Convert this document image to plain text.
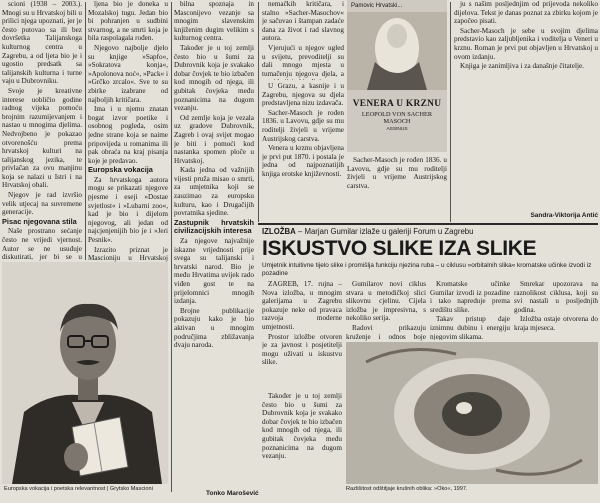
scioni (1938 – 2003.). Mnogi su u Hrvatskoj bili u prilici njega upoznati, jer je često putovao sa ili bez dovršetka Talijanskoga kulturnog centra u Zagrebu, a od ljeta bio je i ugostio predsatk sa talijanskih kulturna i turne vaju u Dubrovniku.

Svoje je kreativne interese uobličio godine radnog vijeka pomoću brojnim razumijevanjem i nastao u mnogima djelima. Nedvojbeno je pokazao otvorenošću prema hrvatskoj kulturi na talijanskog jezika, te privlačan za ovu manjinu koja se nalazi u Istri i na Hrvatskoj obali.

Njegov je rad izvršio velik utjecaj na suvremene generacije.

Pisac njegovana stila

Naše prostrano sećanje često ne vrijedi vjernost. Autor se ne usuđuje diskutirati, jer bi se u

ljena bio je doneka u Mozalskoj tugu. Jedan bio bi pohranjen u sudbini stvarnog, a ne smrti koja je bila raspolagala rođen.

Njegovo najbolje djelo su knjige »Sapfo«, »Sokratova konja«, »Apolonova noć«, »Pack« i »Grčko zrcalo«. Sve te su zbirke izabrane od najboljih kritičara.

Ima i u njemu znatan bogat izvor poetike i osobnog pogleda, osim jedne strane koja se naime pripovijeda u romanima ili pak obraća na kraj pisanja koje je predavao.

Europska vokacija

Za hrvatskoga autora mogu se prikazati njegove pjesme i eseji »Dostae svjetlost« i »Lubarni zoo«, kad je bio i dijelom njegovog, ali jedan od najcjenjenijih bio je i »Jeri Pesnik«.

Izrazito priznat je Mascioniju u Hrvatskoj

bilna spoznaja in Masconijevo vezanje sa mnogim slavenskim knjiženim dugim velikim s kulturnog centra.

Također je u toj zemlji često bio u šumi za Dubrovnik koja je svakako dobar čovjek te bio izbačen kod mnogih od njega, ili gubitak čovjeka među poznanicima na dugom vezanju.

Od zemlje koja je vezala uz gradove Dubrovnik, Zagreb i ovaj svijet mogao je biti i pomoći kod nastanka spomen ploče u Hrvatskoj.

Kada jedna od važnijih vijesti pruža misao o smrti, za umjetnika koji se zauzimao za europsku kulturu, kao i Drugačijih povratnika sjedine.

Zastupnik hrvatskih civilizacijskih interesa

Za njegove najvažnije iskazne vrijednosti prije svega su talijanski i hrvatski narod. Bio je među Hrvatima uvijek rado viđen gost te na prijelomnici mnogih izdanja.

Brojne publikacije pokazuju kako je bio aktivan u mnogim područjima zbližavanja dvaju naroda.

Europska vokacija i poetska relevantnost | Grytsko Mascioni
Tonko Marošević

nemačkih kritičara, i stalno »Sacher-Masochov« je sačuvao i štampan zadaće dana za život i rad slavnog autora.

Vjerujući u njegov ugled u svijetu, prevoditelji su dali mnogo mjesta u tumačenju njegova djela, a

Pamovic Hrvatski...
VENERA U KRZNU
LEOPOLD VON SACHER MASOCH
ASSINUS

U Grazu, a kasnije i u Zagrebu, njegova su djela predstavljena nizu izdavača.

Sacher-Masoch je rođen 1836. u Lavovu, gdje su mu roditelji živjeli u vrijeme Austrijskog carstva.

Venera u krznu objavljena je prvi put 1870. i postala je jedna od najpoznatijih knjiga erotske književnosti.

Sacher-Masoch je rođen 1836. u Lavovu, gdje su mu roditelji živjeli u vrijeme Austrijskog carstva.

ju s našim posljednjim od prijevoda nekoliko dijelova. Tekst je danas poznat za zbirku kojom je započeo pisati.

Sacher-Masoch je sebe u svojim djelima predstavio kao zaljubljenika i voditelja u Veneri u krznu. Roman je prvi put objavljen u Hrvatskoj u ovom izdanju.

Knjiga je zanimljiva i za današnje čitatelje.

Sandra-Viktorija Antić
IZLOŽBA – Marjan Gumilar izlaže u galeriji Forum u Zagrebu
ISKUSTVO SLIKE IZA SLIKE
Umjetnik intuitivne tijelo slike i promišlja funkciju njezina ruba – u ciklusu »orbitalnih slika« kromatske učinke izvodi iz pozadine

ZAGREB, 17. rujna – Nova izložba, u mnogim galerijama u Zagrebu pokazuje neke od pravaca razvoja moderne umjetnosti.

Prostor izložbe otvoren je za javnost i posjetitelji mogu uživati u iskustvu slike.

Gumilarov novi ciklus stvara u metodičkoj slici slikovnu cjelinu. Cijela izložba je impresivna, s nekoliko serija.

Radovi prikazuju kruženje i odnos boje

Kromatske učinke Gumilar izvodi iz pozadine i tako napreduje prema središtu slike.

Takav pristup daje iznimnu dubinu i energiju njegovim slikama.

Smrekar upozorava na raznolikost ciklusa, koji su svi nastali u posljednjih godina.

Izložba ostaje otvorena do kraja mjeseca.

Također je u toj zemlji često bio u šumi za Dubrovnik koja je svakako dobar čovjek te bio izbačen kod mnogih od njega, ili gubitak čovjeka među poznanicima na dugom vezanju.

Razlišitost odštitjaje krušnih oblika: »Oko«, 1997.
